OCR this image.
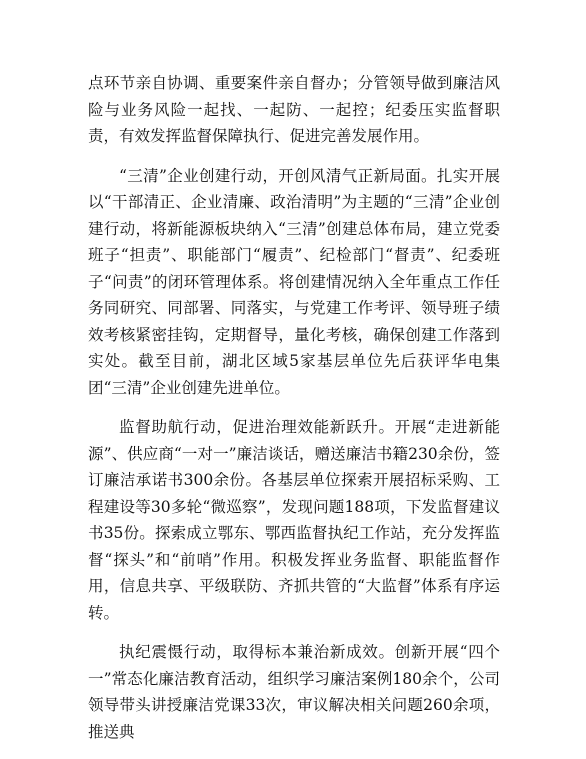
点环节亲自协调、重要案件亲自督办；分管领导做到廉洁风险与业务风险一起找、一起防、一起控；纪委压实监督职责，有效发挥监督保障执行、促进完善发展作用。

“三清”企业创建行动，开创风清气正新局面。扎实开展以“干部清正、企业清廉、政治清明”为主题的“三清”企业创建行动，将新能源板块纳入“三清”创建总体布局，建立党委班子“担责”、职能部门“履责”、纪检部门“督责”、纪委班子“问责”的闭环管理体系。将创建情况纳入全年重点工作任务同研究、同部署、同落实，与党建工作考评、领导班子绩效考核紧密挂钩，定期督导，量化考核，确保创建工作落到实处。截至目前，湖北区域5家基层单位先后获评华电集团“三清”企业创建先进单位。

监督助航行动，促进治理效能新跃升。开展“走进新能源”、供应商“一对一”廉洁谈话，赠送廉洁书籍230余份，签订廉洁承诺书300余份。各基层单位探索开展招标采购、工程建设等30多轮“微巡察”，发现问题188项，下发监督建议书35份。探索成立鄂东、鄂西监督执纪工作站，充分发挥监督“探头”和“前哨”作用。积极发挥业务监督、职能监督作用，信息共享、平级联防、齐抓共管的“大监督”体系有序运转。

执纪震慑行动，取得标本兼治新成效。创新开展“四个一”常态化廉洁教育活动，组织学习廉洁案例180余个，公司领导带头讲授廉洁党课33次，审议解决相关问题260余项，推送典
